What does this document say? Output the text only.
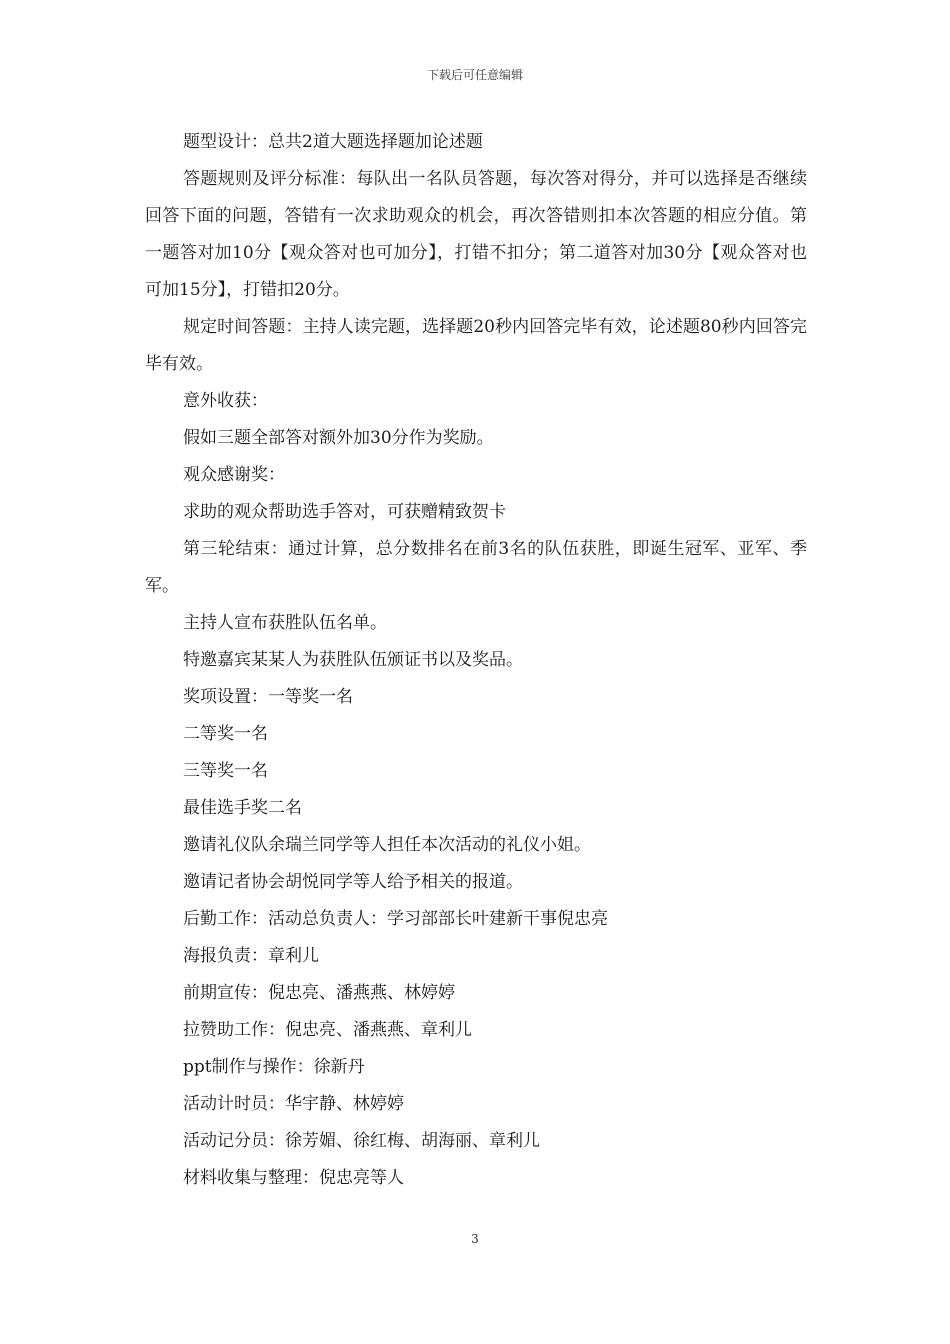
下载后可任意编辑

题型设计：总共2道大题选择题加论述题

答题规则及评分标准：每队出一名队员答题，每次答对得分，并可以选择是否继续回答下面的问题，答错有一次求助观众的机会，再次答错则扣本次答题的相应分值。第一题答对加10分【观众答对也可加分】，打错不扣分；第二道答对加30分【观众答对也可加15分】，打错扣20分。

规定时间答题：主持人读完题，选择题20秒内回答完毕有效，论述题80秒内回答完毕有效。

意外收获：

假如三题全部答对额外加30分作为奖励。

观众感谢奖：

求助的观众帮助选手答对，可获赠精致贺卡

第三轮结束：通过计算，总分数排名在前3名的队伍获胜，即诞生冠军、亚军、季军。

主持人宣布获胜队伍名单。

特邀嘉宾某某人为获胜队伍颁证书以及奖品。

奖项设置：一等奖一名

二等奖一名

三等奖一名

最佳选手奖二名

邀请礼仪队余瑞兰同学等人担任本次活动的礼仪小姐。

邀请记者协会胡悦同学等人给予相关的报道。

后勤工作：活动总负责人：学习部部长叶建新干事倪忠亮

海报负责：章利儿

前期宣传：倪忠亮、潘燕燕、林婷婷

拉赞助工作：倪忠亮、潘燕燕、章利儿

ppt制作与操作：徐新丹

活动计时员：华宇静、林婷婷

活动记分员：徐芳媚、徐红梅、胡海丽、章利儿

材料收集与整理：倪忠亮等人

3
